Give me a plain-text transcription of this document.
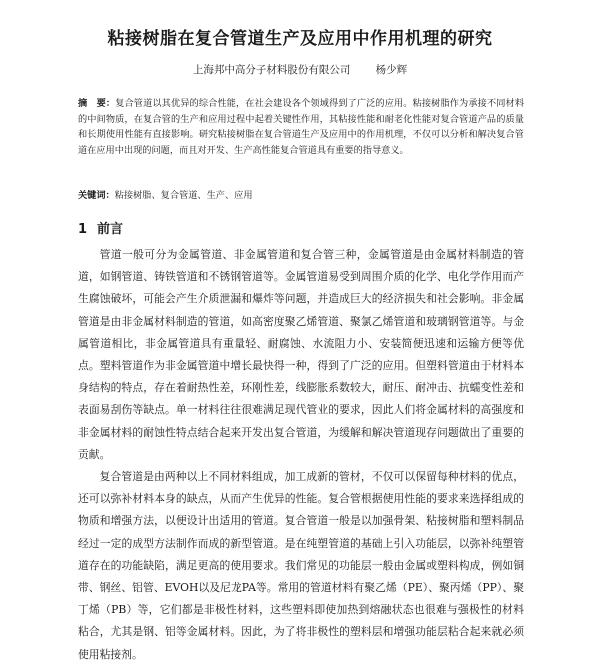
粘接树脂在复合管道生产及应用中作用机理的研究
上海邦中高分子材料股份有限公司 杨少辉
摘　要：复合管道以其优异的综合性能，在社会建设各个领域得到了广泛的应用。粘接树脂作为承接不同材料的中间物质，在复合管的生产和应用过程中起着关键性作用，其粘接性能和耐老化性能对复合管道产品的质量和长期使用性能有直接影响。研究粘接树脂在复合管道生产及应用中的作用机理，不仅可以分析和解决复合管道在应用中出现的问题，而且对开发、生产高性能复合管道具有重要的指导意义。
关键词：粘接树脂、复合管道、生产、应用
1 前言
管道一般可分为金属管道、非金属管道和复合管三种，金属管道是由金属材料制造的管道，如钢管道、铸铁管道和不锈钢管道等。金属管道易受到周围介质的化学、电化学作用而产生腐蚀破坏，可能会产生介质泄漏和爆炸等问题，并造成巨大的经济损失和社会影响。非金属管道是由非金属材料制造的管道，如高密度聚乙烯管道、聚氯乙烯管道和玻璃钢管道等。与金属管道相比，非金属管道具有重量轻、耐腐蚀、水流阻力小、安装简便迅速和运输方便等优点。塑料管道作为非金属管道中增长最快得一种，得到了广泛的应用。但塑料管道由于材料本身结构的特点，存在着耐热性差，环刚性差，线膨胀系数较大，耐压、耐冲击、抗蠕变性差和表面易刮伤等缺点。单一材料往往很难满足现代管业的要求，因此人们将金属材料的高强度和非金属材料的耐蚀性特点结合起来开发出复合管道，为缓解和解决管道现存问题做出了重要的贡献。
复合管道是由两种以上不同材料组成，加工成新的管材，不仅可以保留每种材料的优点，还可以弥补材料本身的缺点，从而产生优异的性能。复合管根据使用性能的要求来选择组成的物质和增强方法，以便设计出适用的管道。复合管道一般是以加强骨架、粘接树脂和塑料制品经过一定的成型方法制作而成的新型管道。是在纯塑管道的基础上引入功能层，以弥补纯塑管道存在的功能缺陷，满足更高的使用要求。我们常见的功能层一般由金属或塑料构成，例如铜带、钢丝、铝管、EVOH以及尼龙PA等。常用的管道材料有聚乙烯（PE）、聚丙烯（PP）、聚丁烯（PB）等，它们都是非极性材料，这些塑料即使加热到熔融状态也很难与强极性的材料粘合，尤其是钢、铝等金属材料。因此，为了将非极性的塑料层和增强功能层粘合起来就必须使用粘接剂。
